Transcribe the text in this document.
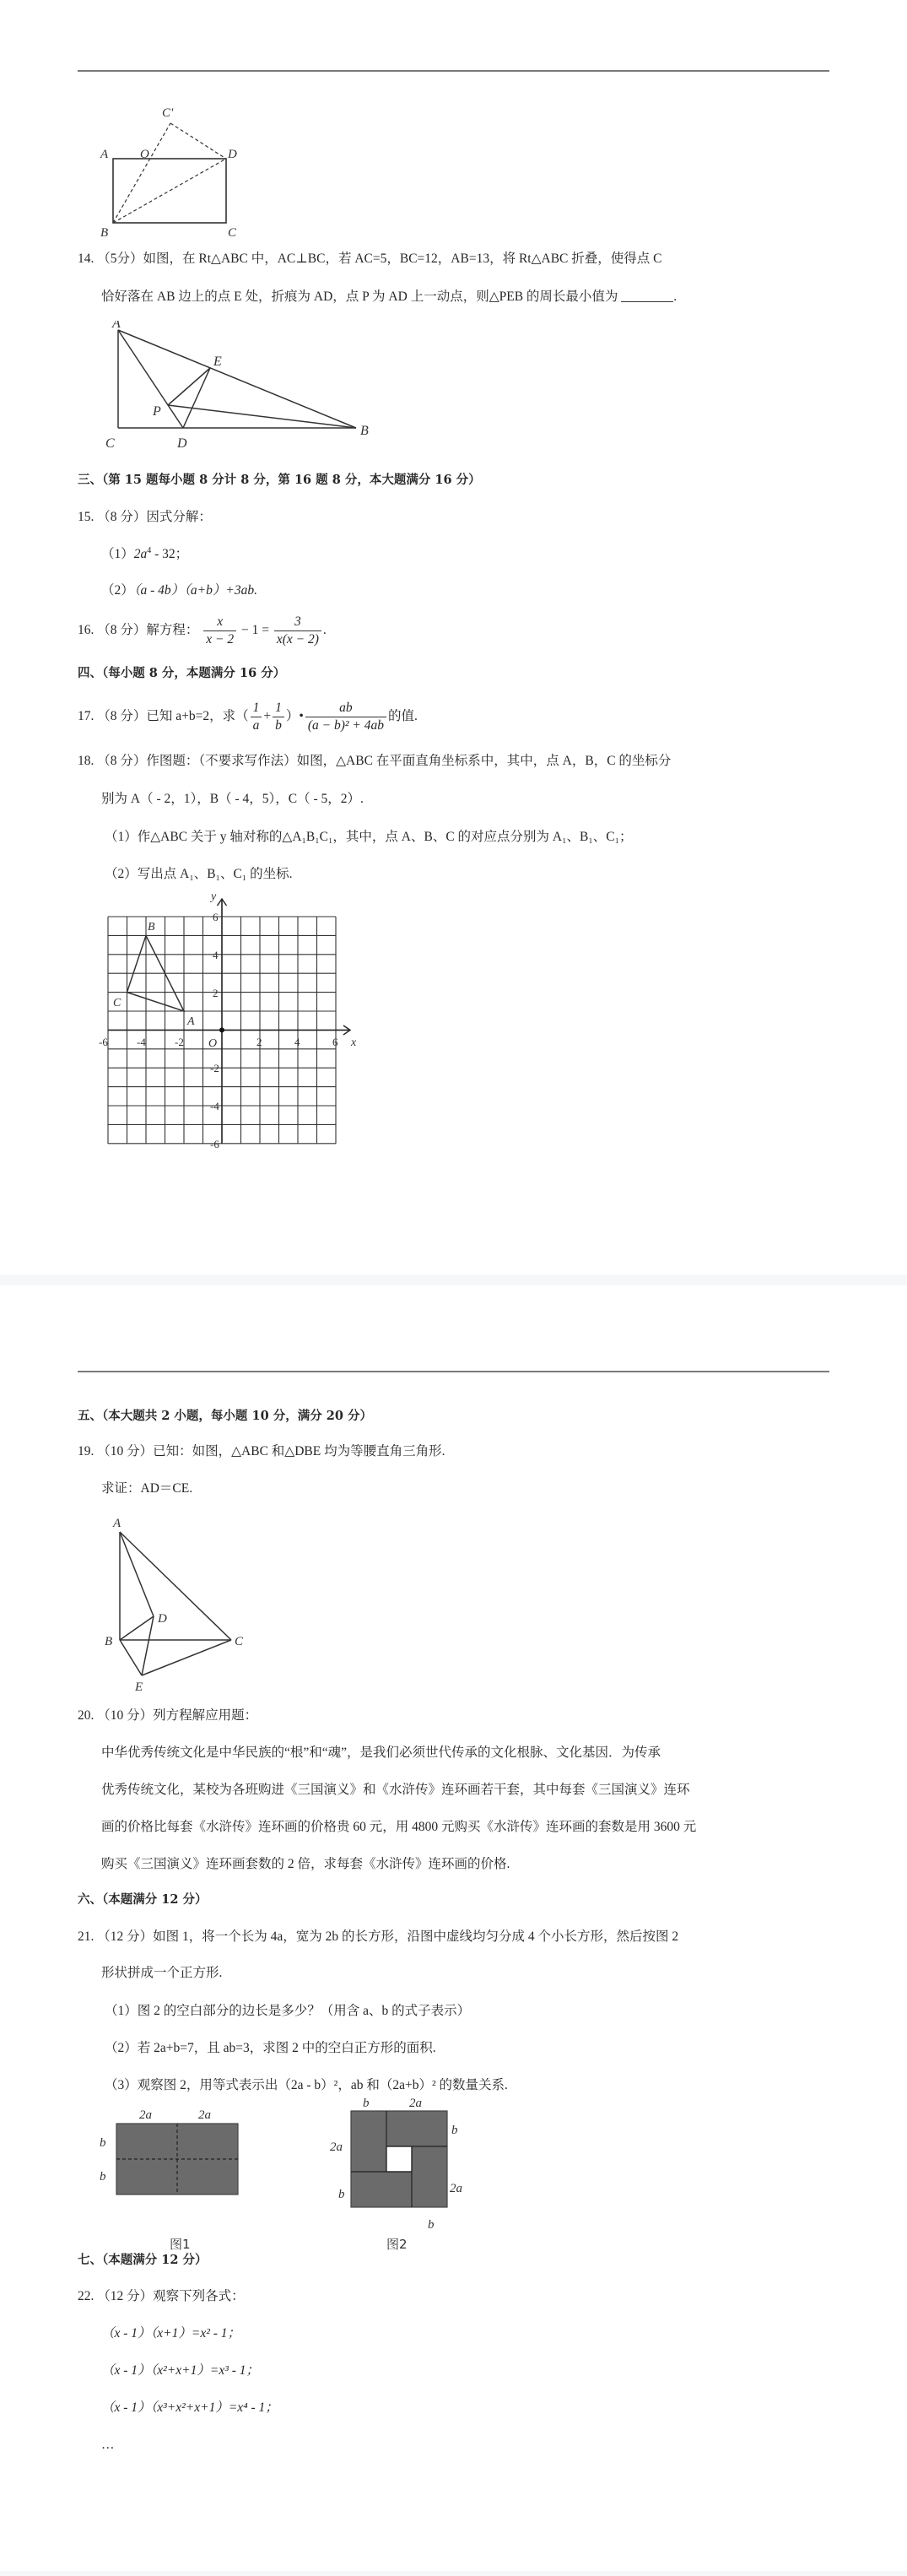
A	O
C'
D
B	C
14. （5分）如图，在 Rt△ABC 中，AC⊥BC，若 AC=5，BC=12，AB=13，将 Rt△ABC 折叠，使得点 C
恰好落在 AB 边上的点 E 处，折痕为 AD，点 P 为 AD 上一动点，则△PEB 的周长最小值为	.
A
E
P
C	D
B
三、（第 15 题每小题 8 分计 8 分，第 16 题 8 分，本大题满分 16 分）
15. （8 分）因式分解：
$(1)2a^4 - 32$；
（2）（a - 4b）（a+b）+3ab.
16. （8 分）解方程： $\frac{x}{x - 2} - 1 = \frac{3}{x(x - 2)}$ .
四、（每小题 8 分，本题满分 16 分）
17. （8 分）已知 a+b=2，求（ $\frac{1}{a} + \frac{1}{b}$ ）• $\frac{ab}{\text{(a − b)² + 4ab}}$ 的值.
18. （8 分）作图题：（不要求写作法）如图，△ABC 在平面直角坐标系中，其中，点 A，B，C 的坐标分
别为 A（ - 2，1），B（ - 4，5），C（ - 5，2）.
（1）作△ABC 关于 y 轴对称的△A₁B₁C₁，其中，点 A、B、C 的对应点分别为 A₁、B₁、C₁；
（2）写出点 A₁、B₁、C₁ 的坐标.
B
C
A
O	x
y
-6	-4	-2	2	4	6
6
4
2
-2
-4
-6
五、（本大题共 2 小题，每小题 10 分，满分 20 分）
19. （10 分）已知：如图，△ABC 和△DBE 均为等腰直角三角形.
求证：AD＝CE.
A
D
B	C
E
20. （10 分）列方程解应用题：
中华优秀传统文化是中华民族的“根”和“魂”，是我们必须世代传承的文化根脉、文化基因．为传承
优秀传统文化，某校为各班购进《三国演义》和《水浒传》连环画若干套，其中每套《三国演义》连环
画的价格比每套《水浒传》连环画的价格贵 60 元，用 4800 元购买《水浒传》连环画的套数是用 3600 元
购买《三国演义》连环画套数的 2 倍，求每套《水浒传》连环画的价格.
六、（本题满分 12 分）
21. （12 分）如图 1，将一个长为 4a，宽为 2b 的长方形，沿图中虚线均匀分成 4 个小长方形，然后按图 2
形状拼成一个正方形.
（1）图 2 的空白部分的边长是多少？（用含 a、b 的式子表示）
（2）若 2a+b=7，且 ab=3，求图 2 中的空白正方形的面积.
（3）观察图 2，用等式表示出（2a - b）²，ab 和（2a+b）² 的数量关系.
2a	2a
b
b
图1
b	2a
b
2a
2a
b
b
图2
七、（本题满分 12 分）
22. （12 分）观察下列各式：
（x - 1）（x+1）=x² - 1；
（x - 1）（x²+x+1）=x³ - 1；
（x - 1）（x³+x²+x+1）=x⁴ - 1；
…
